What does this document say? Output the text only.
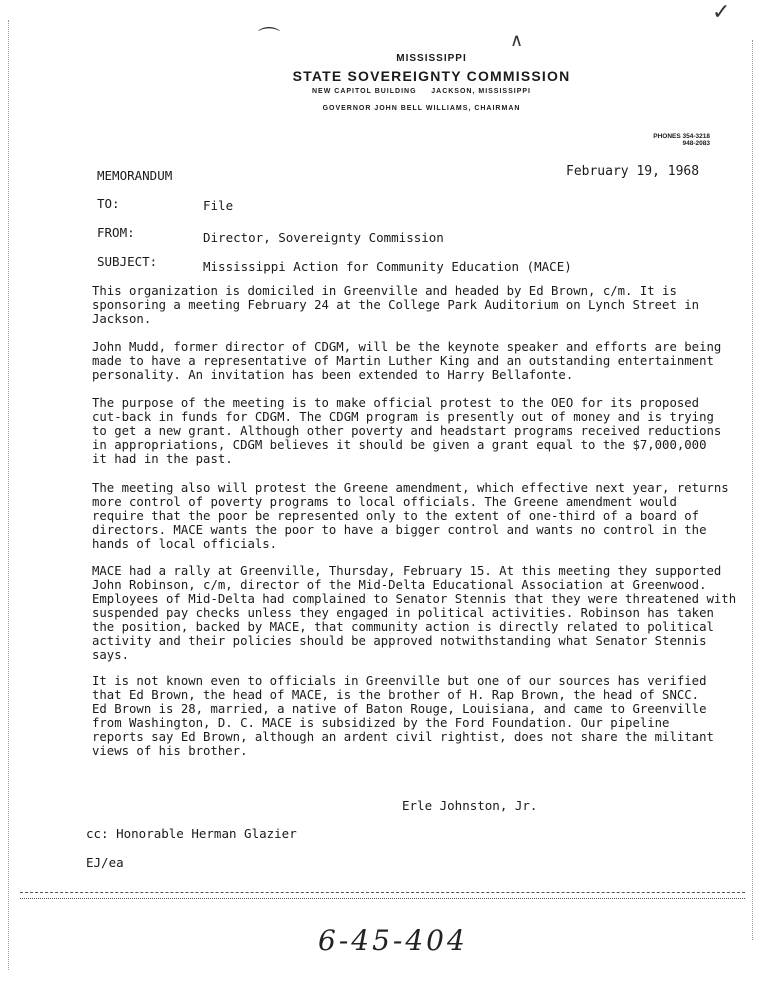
⌒	∧
✓
MISSISSIPPI
STATE SOVEREIGNTY COMMISSION
NEW CAPITOL BUILDING     JACKSON, MISSISSIPPI
GOVERNOR JOHN BELL WILLIAMS, CHAIRMAN
PHONES 354-3218
948-2083
MEMORANDUM	February 19, 1968
TO:	File
FROM:	Director, Sovereignty Commission
SUBJECT:	Mississippi Action for Community Education (MACE)
This organization is domiciled in Greenville and headed by Ed Brown, c/m. It is
sponsoring a meeting February 24 at the College Park Auditorium on Lynch Street in
Jackson.
John Mudd, former director of CDGM, will be the keynote speaker and efforts are being
made to have a representative of Martin Luther King and an outstanding entertainment
personality. An invitation has been extended to Harry Bellafonte.
The purpose of the meeting is to make official protest to the OEO for its proposed
cut-back in funds for CDGM. The CDGM program is presently out of money and is trying
to get a new grant. Although other poverty and headstart programs received reductions
in appropriations, CDGM believes it should be given a grant equal to the $7,000,000
it had in the past.
The meeting also will protest the Greene amendment, which effective next year, returns
more control of poverty programs to local officials. The Greene amendment would
require that the poor be represented only to the extent of one-third of a board of
directors. MACE wants the poor to have a bigger control and wants no control in the
hands of local officials.
MACE had a rally at Greenville, Thursday, February 15. At this meeting they supported
John Robinson, c/m, director of the Mid-Delta Educational Association at Greenwood.
Employees of Mid-Delta had complained to Senator Stennis that they were threatened with
suspended pay checks unless they engaged in political activities. Robinson has taken
the position, backed by MACE, that community action is directly related to political
activity and their policies should be approved notwithstanding what Senator Stennis
says.
It is not known even to officials in Greenville but one of our sources has verified
that Ed Brown, the head of MACE, is the brother of H. Rap Brown, the head of SNCC.
Ed Brown is 28, married, a native of Baton Rouge, Louisiana, and came to Greenville
from Washington, D. C. MACE is subsidized by the Ford Foundation. Our pipeline
reports say Ed Brown, although an ardent civil rightist, does not share the militant
views of his brother.
Erle Johnston, Jr.
cc: Honorable Herman Glazier
EJ/ea
6-45-404
